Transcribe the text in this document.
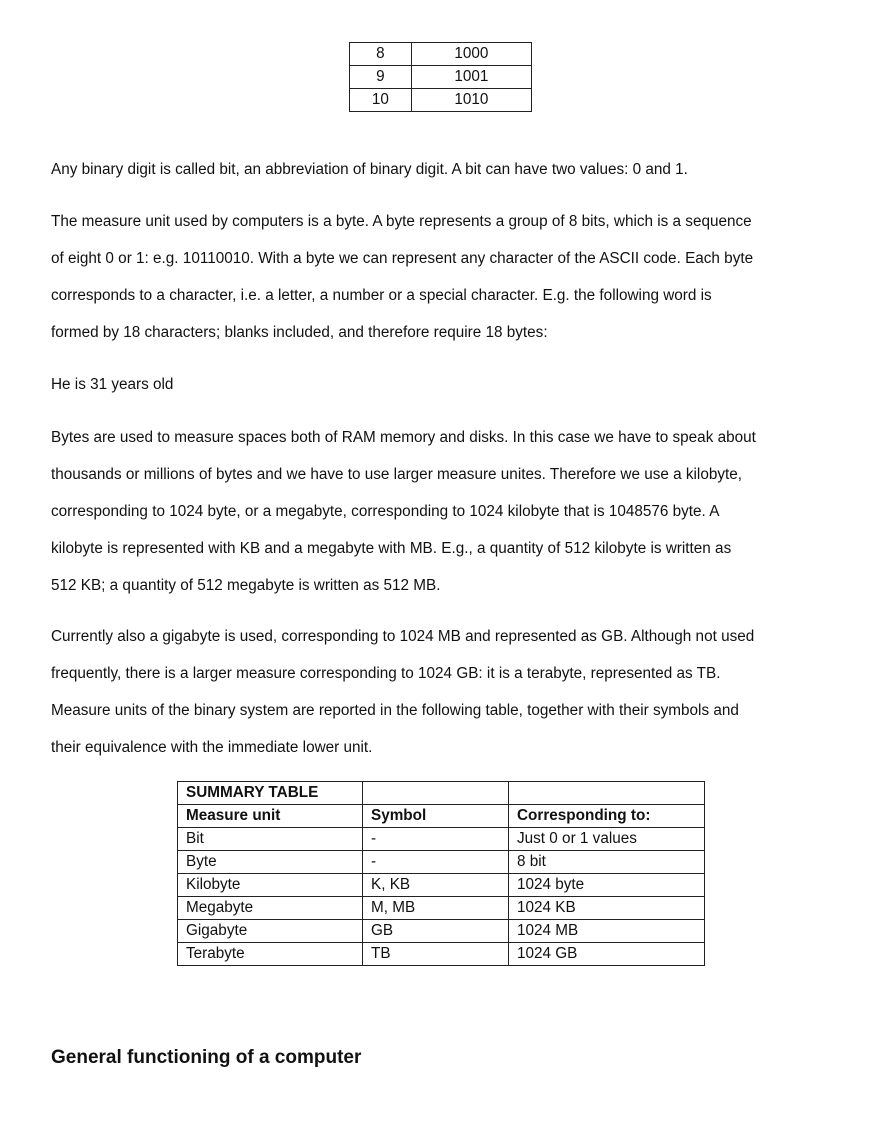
8	1000
9	1001
10	1010
Any binary digit is called bit, an abbreviation of binary digit. A bit can have two values: 0 and 1.
The measure unit used by computers is a byte. A byte represents a group of 8 bits, which is a sequence
of eight 0 or 1: e.g. 10110010. With a byte we can represent any character of the ASCII code. Each byte
corresponds to a character, i.e. a letter, a number or a special character. E.g. the following word is
formed by 18 characters; blanks included, and therefore require 18 bytes:
He is 31 years old
Bytes are used to measure spaces both of RAM memory and disks. In this case we have to speak about
thousands or millions of bytes and we have to use larger measure unites. Therefore we use a kilobyte,
corresponding to 1024 byte, or a megabyte, corresponding to 1024 kilobyte that is 1048576 byte. A
kilobyte is represented with KB and a megabyte with MB. E.g., a quantity of 512 kilobyte is written as
512 KB; a quantity of 512 megabyte is written as 512 MB.
Currently also a gigabyte is used, corresponding to 1024 MB and represented as GB. Although not used
frequently, there is a larger measure corresponding to 1024 GB: it is a terabyte, represented as TB.
Measure units of the binary system are reported in the following table, together with their symbols and
their equivalence with the immediate lower unit.
SUMMARY TABLE		
Measure unit	Symbol	Corresponding to:
Bit	-	Just 0 or 1 values
Byte	-	8 bit
Kilobyte	K, KB	1024 byte
Megabyte	M, MB	1024 KB
Gigabyte	GB	1024 MB
Terabyte	TB	1024 GB
General functioning of a computer
